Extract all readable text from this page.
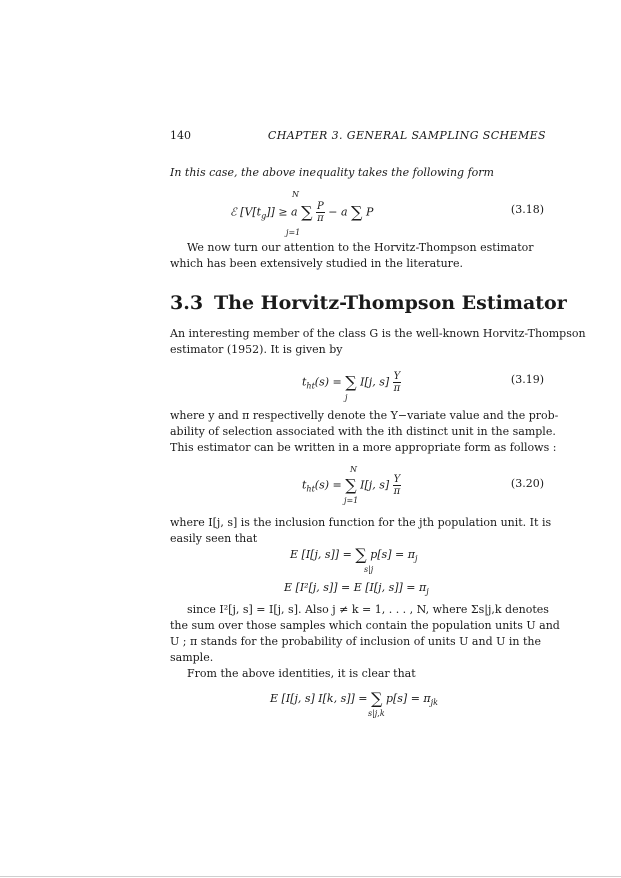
140	CHAPTER 3. GENERAL SAMPLING SCHEMES
In this case, the above inequality takes the following form
ℰ $[V[t_g]] \ge a$ ∑ $\frac{P}{\pi} - a$ ∑ P
N
j=1
(3.18)
We now turn our attention to the Horvitz-Thompson estimator
which has been extensively studied in the literature.
3.3 The Horvitz-Thompson Estimator
An interesting member of the class G is the well-known Horvitz-Thompson
estimator (1952). It is given by
$t_{ht}(s)$ = ∑ I[j, $s] \frac{Y}{\pi}$
j
(3.19)
where y and π respectivelly denote the Y−variate value and the prob-
ability of selection associated with the ith distinct unit in the sample.
This estimator can be written in a more appropriate form as follows :
$t_{ht}(s)$ = ∑ I[j, $s] \frac{Y}{\pi}$
N
j=1
(3.20)
where I[j, s] is the inclusion function for the jth population unit. It is
easily seen that
E [I[j, s]] = ∑ $p[s] = \pi_j$
s|j
E [I²[j, s]] = E [I[j, $s]] = \pi_j$
since I²[j, s] = I[j, s]. Also j ≠ k = 1, . . . , N, where Σs|j,k denotes
the sum over those samples which contain the population units U and
U ; π stands for the probability of inclusion of units U and U in the
sample.
From the above identities, it is clear that
E [I[j, s] I[k, s]] = ∑ $p[s] = \pi_{jk}$
s|j,k
